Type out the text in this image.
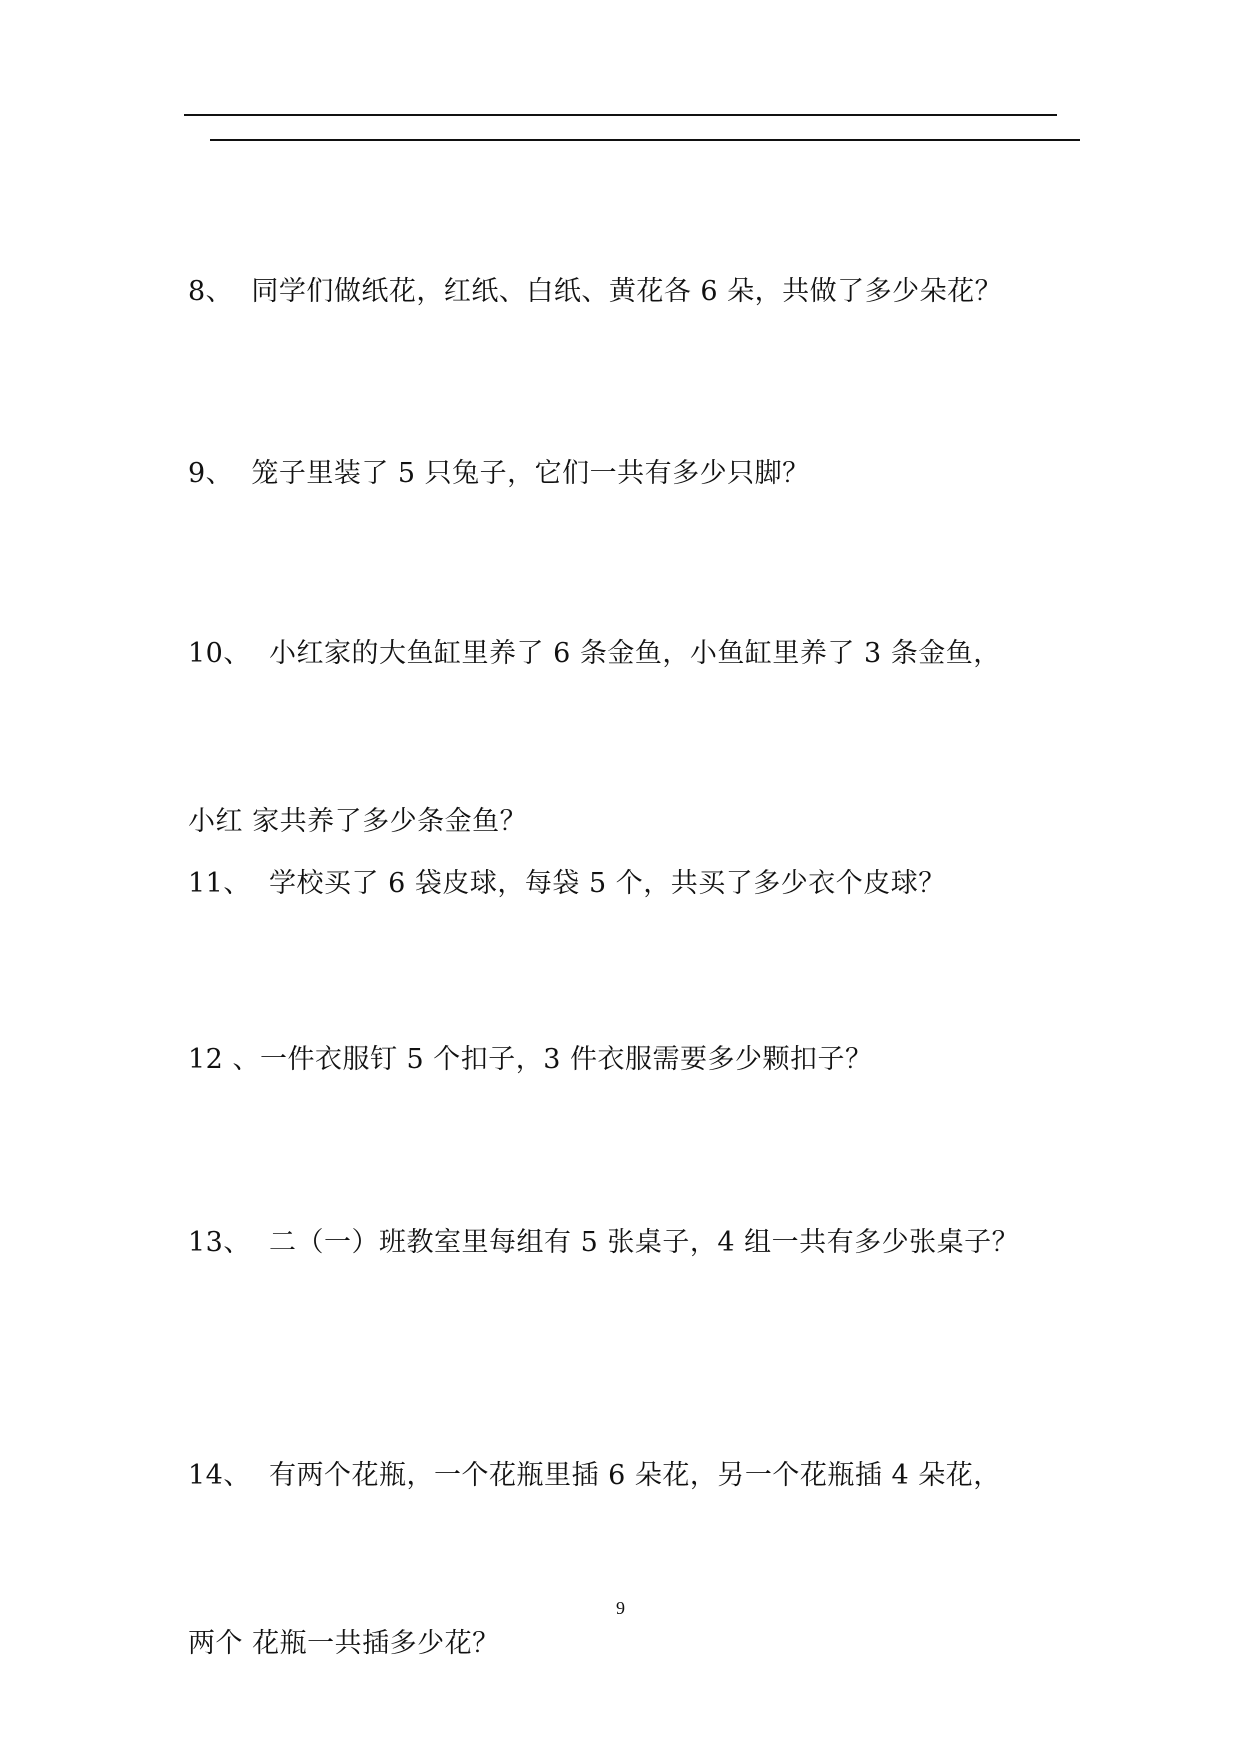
8、  同学们做纸花，红纸、白纸、黄花各 6 朵，共做了多少朵花？

9、  笼子里装了 5 只兔子，它们一共有多少只脚？

10、  小红家的大鱼缸里养了 6 条金鱼，小鱼缸里养了 3 条金鱼，

小红 家共养了多少条金鱼？

11、  学校买了 6 袋皮球，每袋 5 个，共买了多少衣个皮球？

12 、一件衣服钉 5 个扣子，3 件衣服需要多少颗扣子？

13、  二（一）班教室里每组有 5 张桌子，4 组一共有多少张桌子？

14、  有两个花瓶，一个花瓶里插 6 朵花，另一个花瓶插 4 朵花，

两个 花瓶一共插多少花？

9
